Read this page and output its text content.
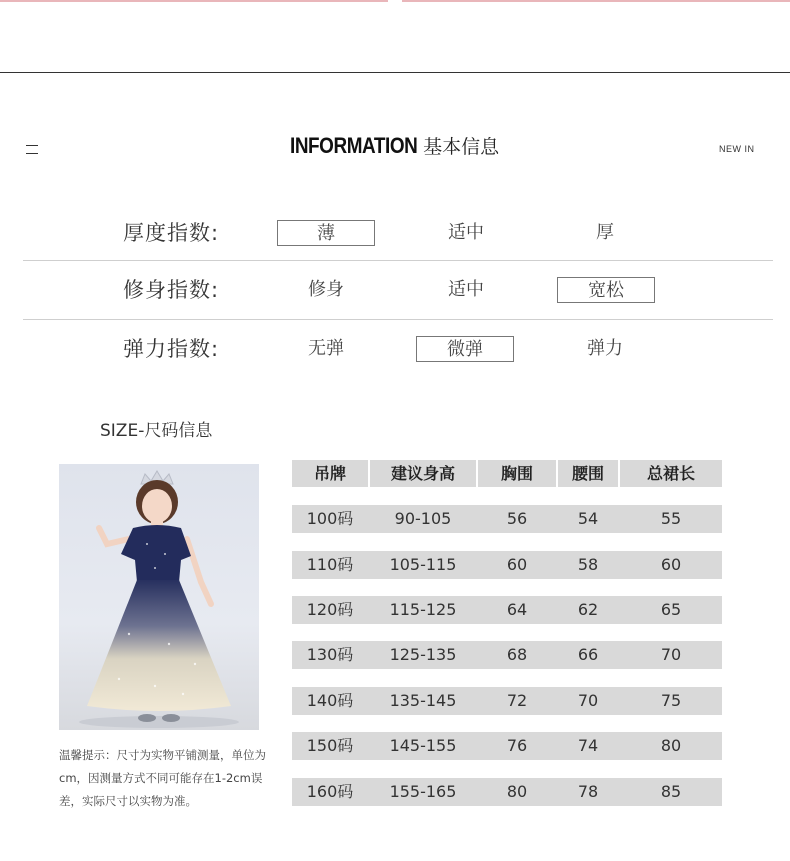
INFORMATION 基本信息	NEW IN
厚度指数:	薄	适中	厚
修身指数:	修身	适中	宽松
弹力指数:	无弹	微弹	弹力
SIZE-尺码信息
温馨提示：尺寸为实物平铺测量，单位为cm，因测量方式不同可能存在1-2cm误差，实际尺寸以实物为准。
吊牌	建议身高	胸围	腰围	总裙长
100码	90-105	56	54	55
110码	105-115	60	58	60
120码	115-125	64	62	65
130码	125-135	68	66	70
140码	135-145	72	70	75
150码	145-155	76	74	80
160码	155-165	80	78	85
